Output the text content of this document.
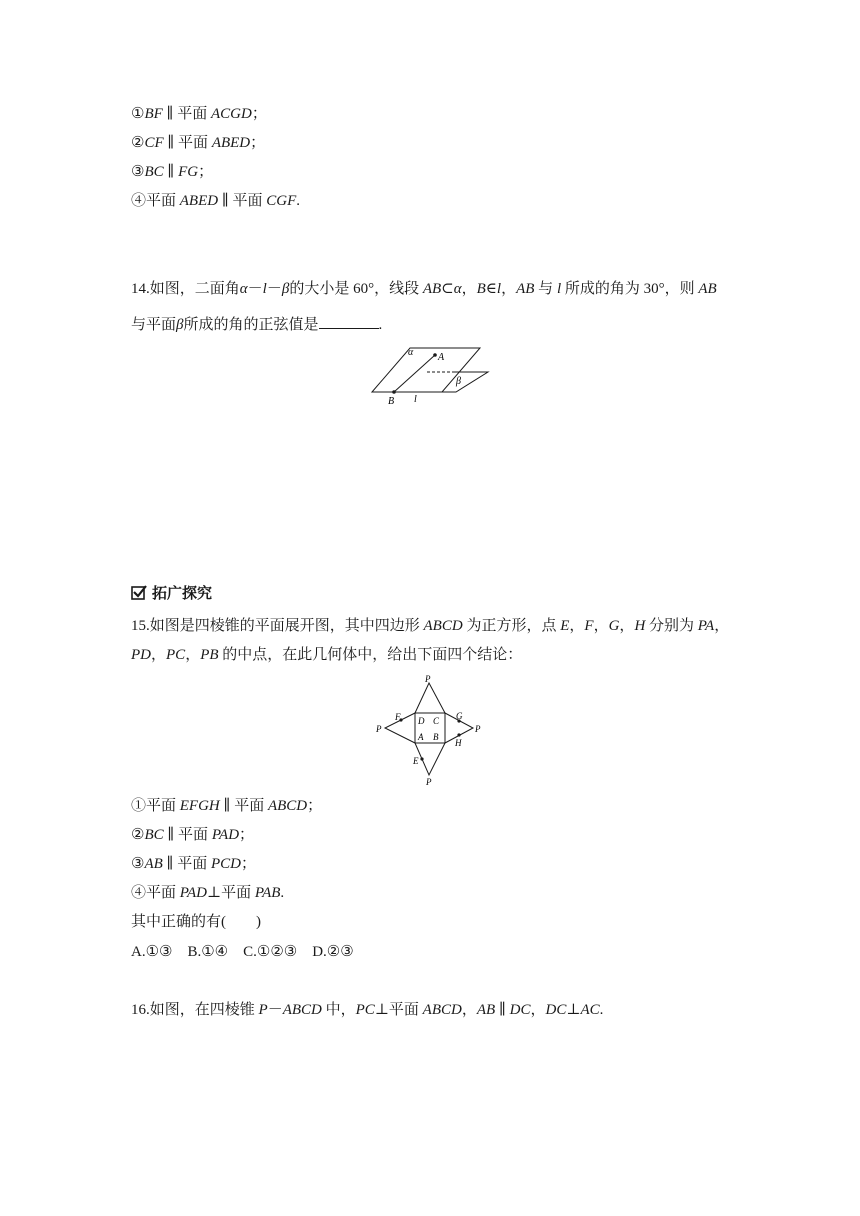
①BF ∥ 平面 ACGD；
②CF ∥ 平面 ABED；
③BC ∥ FG；
④平面 ABED ∥ 平面 CGF.
14.如图，二面角α－l－β的大小是 60°，线段 AB⊂α，B∈l，AB 与 l 所成的角为 30°，则 AB
与平面β所成的角的正弦值是	.
α A
β
B l
拓广探究
15.如图是四棱锥的平面展开图，其中四边形 ABCD 为正方形，点 E，F，G，H 分别为 PA，
PD，PC，PB 的中点，在此几何体中，给出下面四个结论：
P
P	P
P
D C
A B
F	G
H
E
①平面 EFGH ∥ 平面 ABCD；
②BC ∥ 平面 PAD；
③AB ∥ 平面 PCD；
④平面 PAD⊥平面 PAB.
其中正确的有(　　)
A.①③　B.①④　C.①②③　D.②③
16.如图，在四棱锥 P－ABCD 中，PC⊥平面 ABCD，AB ∥ DC，DC⊥AC.
